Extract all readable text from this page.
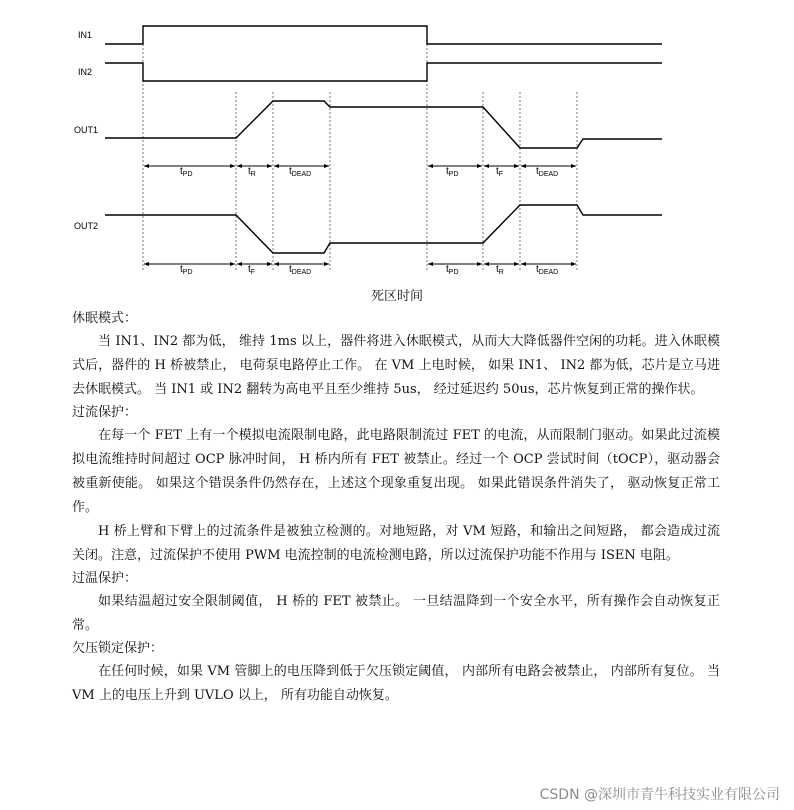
IN1
IN2
OUT1
OUT2
$t_{PD}$	$t_R$	$t_{DEAD}$	$t_{PD}$	$t_F$	$t_{DEAD}$
$t_{PD}$	$t_F$	$t_{DEAD}$	$t_{PD}$	$t_R$	$t_{DEAD}$
死区时间

休眠模式：

当 IN1、IN2 都为低， 维持 1ms 以上，器件将进入休眠模式，从而大大降低器件空闲的功耗。进入休眠模式后，器件的 H 桥被禁止， 电荷泵电路停止工作。 在 VM 上电时候， 如果 IN1、 IN2 都为低，芯片是立马进去休眠模式。 当 IN1 或 IN2 翻转为高电平且至少维持 5us， 经过延迟约 50us，芯片恢复到正常的操作状。

过流保护：

在每一个 FET 上有一个模拟电流限制电路，此电路限制流过 FET 的电流，从而限制门驱动。如果此过流模拟电流维持时间超过 OCP 脉冲时间， H 桥内所有 FET 被禁止。经过一个 OCP 尝试时间（tOCP），驱动器会被重新使能。 如果这个错误条件仍然存在，上述这个现象重复出现。 如果此错误条件消失了， 驱动恢复正常工作。

H 桥上臂和下臂上的过流条件是被独立检测的。对地短路，对 VM 短路，和输出之间短路， 都会造成过流关闭。注意，过流保护不使用 PWM 电流控制的电流检测电路，所以过流保护功能不作用与 ISEN 电阻。

过温保护：

如果结温超过安全限制阈值， H 桥的 FET 被禁止。 一旦结温降到一个安全水平，所有操作会自动恢复正常。

欠压锁定保护：

在任何时候，如果 VM 管脚上的电压降到低于欠压锁定阈值， 内部所有电路会被禁止， 内部所有复位。 当 VM 上的电压上升到 UVLO 以上， 所有功能自动恢复。

CSDN @深圳市青牛科技实业有限公司
